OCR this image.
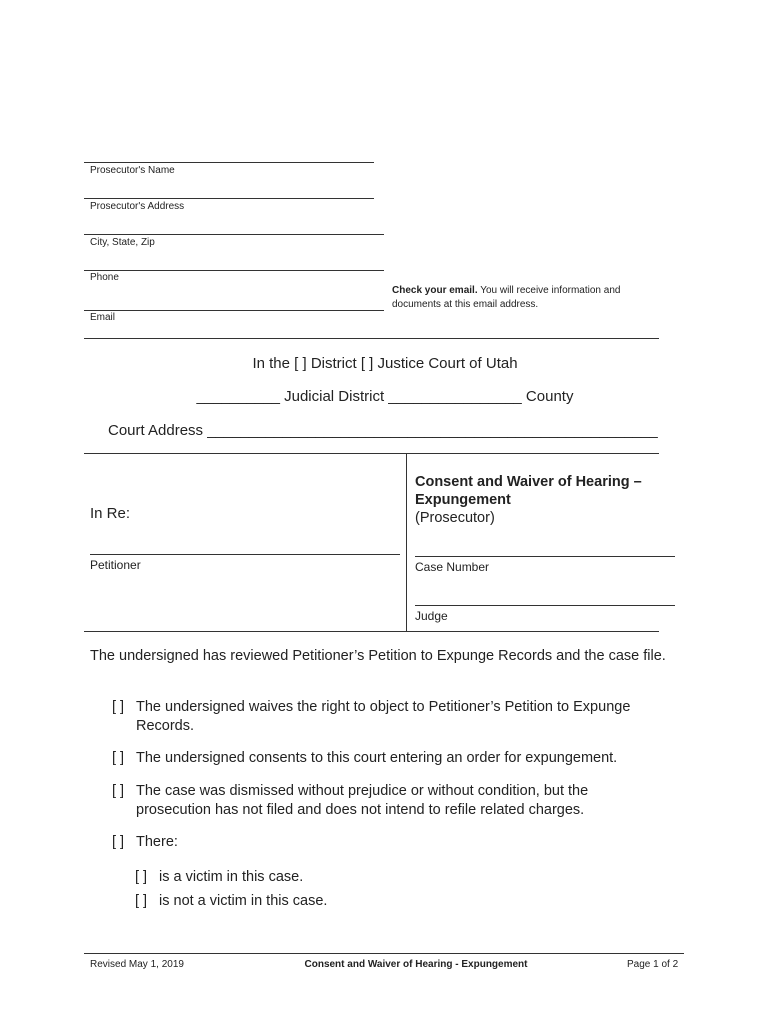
Prosecutor's Name
Prosecutor's Address
City, State, Zip
Phone
Email
Check your email. You will receive information and documents at this email address.
In the [ ] District [ ] Justice Court of Utah
__________ Judicial District ________________ County
Court Address ______________________________________________________
In Re:
Petitioner
Consent and Waiver of Hearing – Expungement
(Prosecutor)
Case Number
Judge
The undersigned has reviewed Petitioner’s Petition to Expunge Records and the case file.
[ ] The undersigned waives the right to object to Petitioner’s Petition to Expunge Records.
[ ] The undersigned consents to this court entering an order for expungement.
[ ] The case was dismissed without prejudice or without condition, but the prosecution has not filed and does not intend to refile related charges.
[ ] There:
[ ] is a victim in this case.
[ ] is not a victim in this case.
Revised May 1, 2019	Consent and Waiver of Hearing - Expungement	Page 1 of 2
